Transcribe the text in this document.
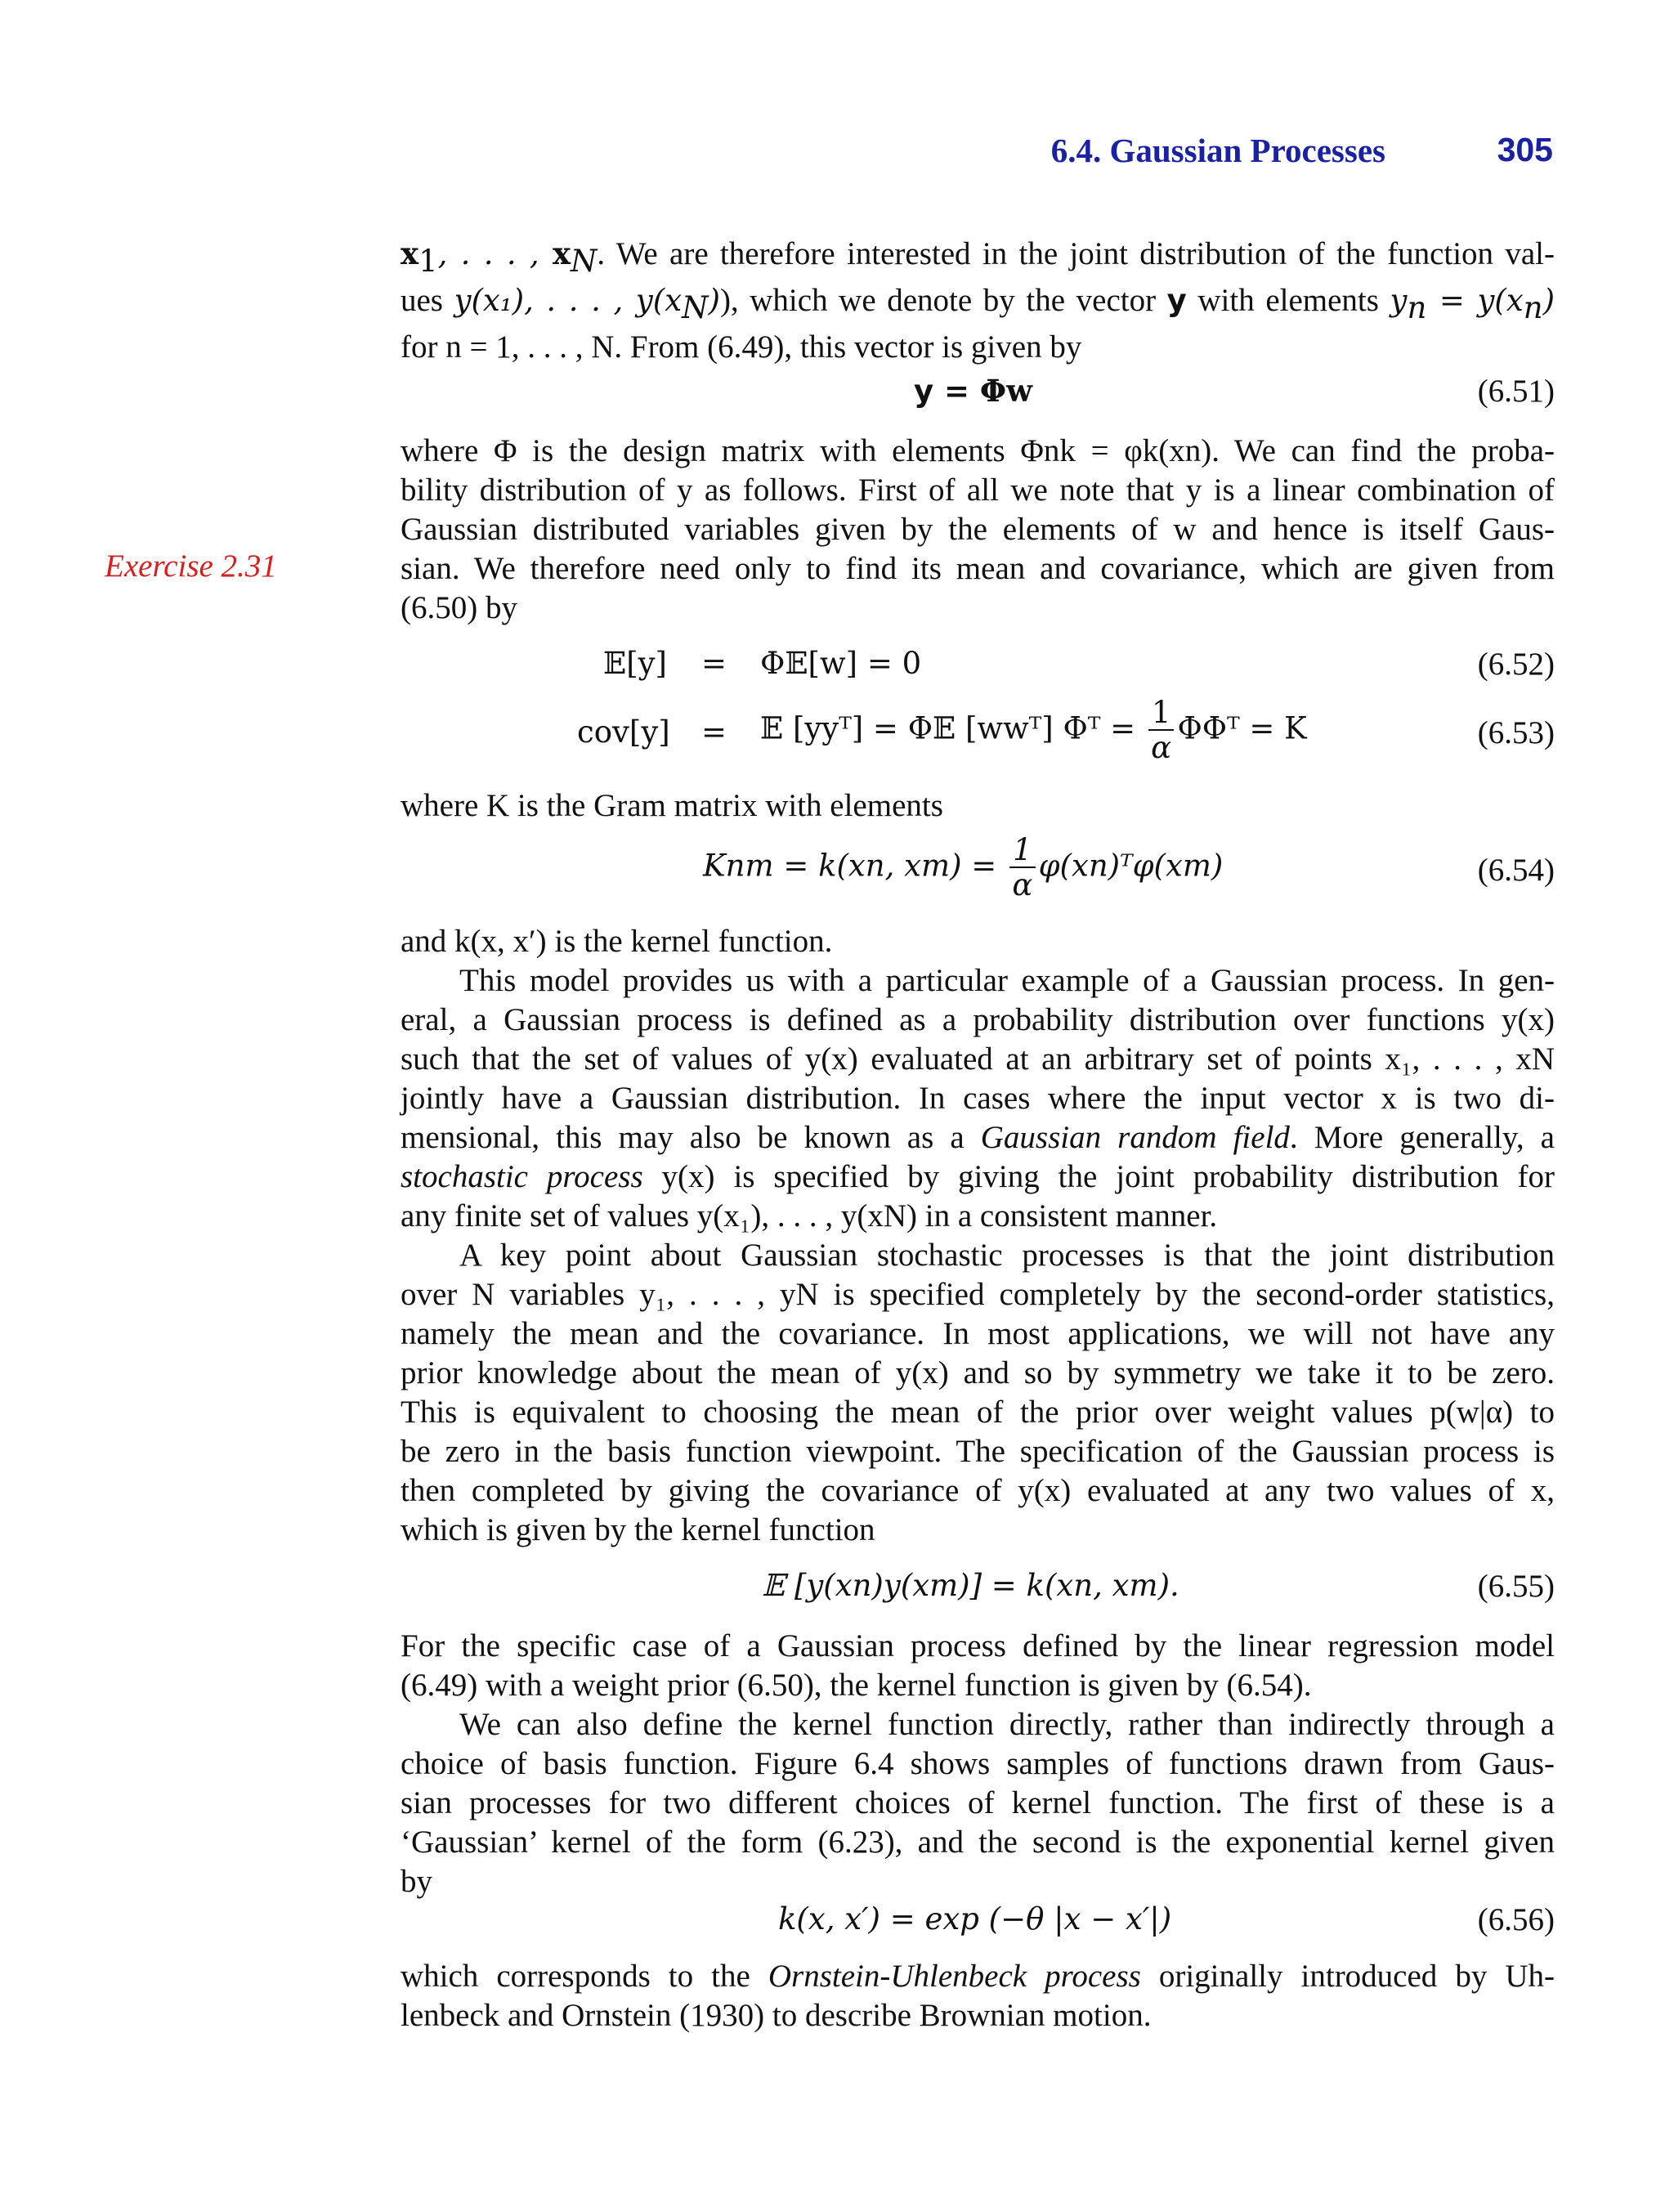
6.4. Gaussian Processes	305
Exercise 2.31
$x_1$, . . . , $x_N$. We are therefore interested in the joint distribution of the function val-
ues y(x₁), . . . , $y(x_N)$), which we denote by the vector y with elements $y_n = y(x_n)$
for n = 1, . . . , N. From (6.49), this vector is given by
y = Φw	(6.51)
where Φ is the design matrix with elements Φnk = φk(xn). We can find the proba-
bility distribution of y as follows. First of all we note that y is a linear combination of
Gaussian distributed variables given by the elements of w and hence is itself Gaus-
sian. We therefore need only to find its mean and covariance, which are given from
(6.50) by
𝔼[y] = Φ𝔼[w] = 0	(6.52)
cov[y] = 𝔼 [yyᵀ] = Φ𝔼 [wwᵀ] Φᵀ = $\frac{1}{\alpha}$ ΦΦᵀ = K	(6.53)
where K is the Gram matrix with elements
Knm = k(xn, $xm) = \frac{1}{\alpha}$ φ(xn)ᵀφ(xm)	(6.54)
and k(x, x′) is the kernel function.
This model provides us with a particular example of a Gaussian process. In gen-
eral, a Gaussian process is defined as a probability distribution over functions y(x)
such that the set of values of y(x) evaluated at an arbitrary set of points x₁, . . . , xN
jointly have a Gaussian distribution. In cases where the input vector x is two di-
mensional, this may also be known as a Gaussian random field. More generally, a
stochastic process y(x) is specified by giving the joint probability distribution for
any finite set of values y(x₁), . . . , y(xN) in a consistent manner.
A key point about Gaussian stochastic processes is that the joint distribution
over N variables y₁, . . . , yN is specified completely by the second-order statistics,
namely the mean and the covariance. In most applications, we will not have any
prior knowledge about the mean of y(x) and so by symmetry we take it to be zero.
This is equivalent to choosing the mean of the prior over weight values p(w|α) to
be zero in the basis function viewpoint. The specification of the Gaussian process is
then completed by giving the covariance of y(x) evaluated at any two values of x,
which is given by the kernel function
𝔼 [y(xn)y(xm)] = k(xn, xm).	(6.55)
For the specific case of a Gaussian process defined by the linear regression model
(6.49) with a weight prior (6.50), the kernel function is given by (6.54).
We can also define the kernel function directly, rather than indirectly through a
choice of basis function. Figure 6.4 shows samples of functions drawn from Gaus-
sian processes for two different choices of kernel function. The first of these is a
‘Gaussian’ kernel of the form (6.23), and the second is the exponential kernel given
by
k(x, x′) = exp (−θ |x − x′|)	(6.56)
which corresponds to the Ornstein-Uhlenbeck process originally introduced by Uh-
lenbeck and Ornstein (1930) to describe Brownian motion.
